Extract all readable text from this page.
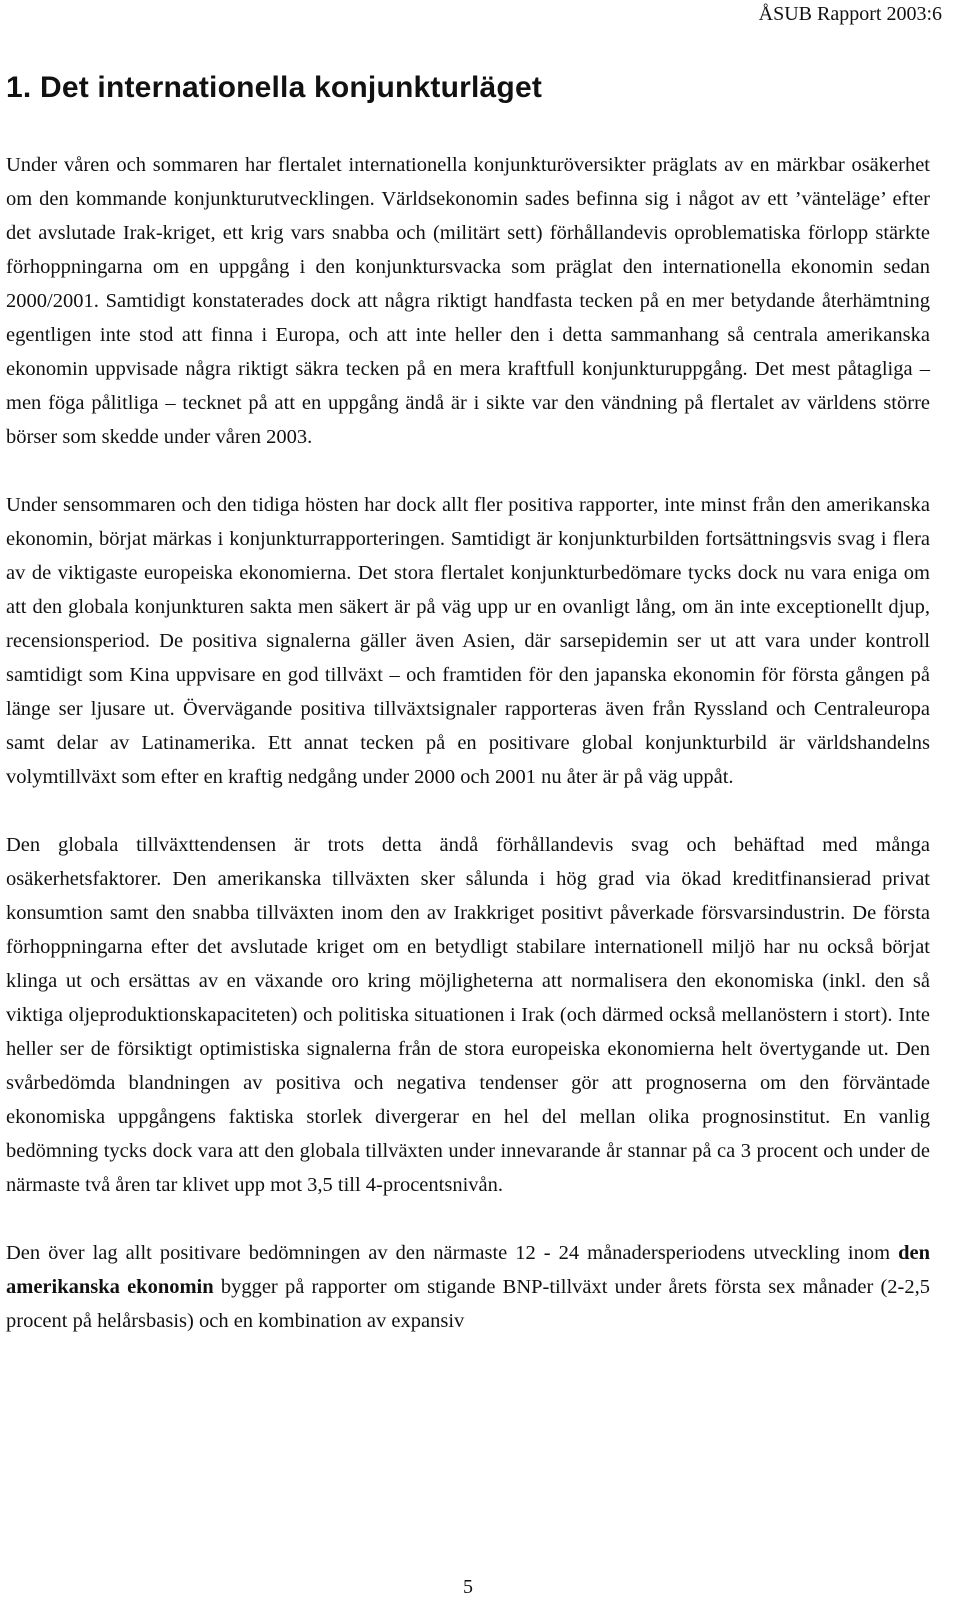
ÅSUB Rapport 2003:6
1. Det internationella konjunkturläget

Under våren och sommaren har flertalet internationella konjunkturöversikter präglats av en märkbar osäkerhet om den kommande konjunkturutvecklingen. Världsekonomin sades befinna sig i något av ett ’vänteläge’ efter det avslutade Irak-kriget, ett krig vars snabba och (militärt sett) förhållandevis oproblematiska förlopp stärkte förhoppningarna om en uppgång i den konjunktursvacka som präglat den internationella ekonomin sedan 2000/2001. Samtidigt konstaterades dock att några riktigt handfasta tecken på en mer betydande återhämtning egentligen inte stod att finna i Europa, och att inte heller den i detta sammanhang så centrala amerikanska ekonomin uppvisade några riktigt säkra tecken på en mera kraftfull konjunkturuppgång. Det mest påtagliga – men föga pålitliga – tecknet på att en uppgång ändå är i sikte var den vändning på flertalet av världens större börser som skedde under våren 2003.

Under sensommaren och den tidiga hösten har dock allt fler positiva rapporter, inte minst från den amerikanska ekonomin, börjat märkas i konjunkturrapporteringen. Samtidigt är konjunkturbilden fortsättningsvis svag i flera av de viktigaste europeiska ekonomierna. Det stora flertalet konjunkturbedömare tycks dock nu vara eniga om att den globala konjunkturen sakta men säkert är på väg upp ur en ovanligt lång, om än inte exceptionellt djup, recensionsperiod. De positiva signalerna gäller även Asien, där sarsepidemin ser ut att vara under kontroll samtidigt som Kina uppvisare en god tillväxt – och framtiden för den japanska ekonomin för första gången på länge ser ljusare ut. Övervägande positiva tillväxtsignaler rapporteras även från Ryssland och Centraleuropa samt delar av Latinamerika. Ett annat tecken på en positivare global konjunkturbild är världshandelns volymtillväxt som efter en kraftig nedgång under 2000 och 2001 nu åter är på väg uppåt.

Den globala tillväxttendensen är trots detta ändå förhållandevis svag och behäftad med många osäkerhetsfaktorer. Den amerikanska tillväxten sker sålunda i hög grad via ökad kreditfinansierad privat konsumtion samt den snabba tillväxten inom den av Irakkriget positivt påverkade försvarsindustrin. De första förhoppningarna efter det avslutade kriget om en betydligt stabilare internationell miljö har nu också börjat klinga ut och ersättas av en växande oro kring möjligheterna att normalisera den ekonomiska (inkl. den så viktiga oljeproduktionskapaciteten) och politiska situationen i Irak (och därmed också mellanöstern i stort). Inte heller ser de försiktigt optimistiska signalerna från de stora europeiska ekonomierna helt övertygande ut. Den svårbedömda blandningen av positiva och negativa tendenser gör att prognoserna om den förväntade ekonomiska uppgångens faktiska storlek divergerar en hel del mellan olika prognosinstitut. En vanlig bedömning tycks dock vara att den globala tillväxten under innevarande år stannar på ca 3 procent och under de närmaste två åren tar klivet upp mot 3,5 till 4-procentsnivån.

Den över lag allt positivare bedömningen av den närmaste 12 - 24 månadersperiodens utveckling inom den amerikanska ekonomin bygger på rapporter om stigande BNP-tillväxt under årets första sex månader (2-2,5 procent på helårsbasis) och en kombination av expansiv

5
